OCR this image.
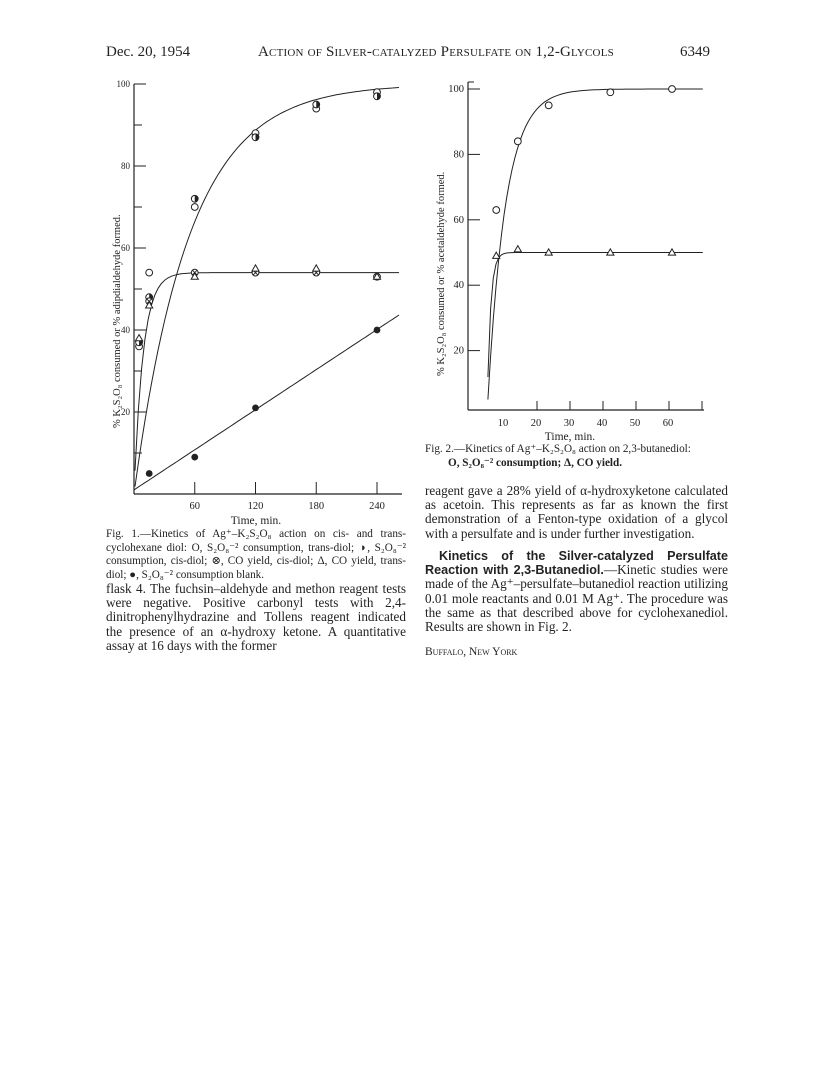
Dec. 20, 1954	Action of Silver-catalyzed Persulfate on 1,2-Glycols	6349
% K₂S₂O₈ consumed or % adipdialdehyde formed.
20
40
60
80
100
60	120	180	240
Time, min.
Fig. 1.—Kinetics of Ag⁺–K₂S₂O₈ action on cis- and trans-cyclohexane diol: O, S₂O₈⁻² consumption, trans-diol; ◑, S₂O₈⁻² consumption, cis-diol; ⊗, CO yield, cis-diol; Δ, CO yield, trans-diol; ●, S₂O₈⁻² consumption blank.
% K₂S₂O₈ consumed or % acetaldehyde formed. 20
40
60
80
100
10 20 30 40 50 60
Time, min.
Fig. 2.—Kinetics of Ag⁺–K₂S₂O₈ action on 2,3-butanediol:
O, S₂O₈⁻² consumption; Δ, CO yield.
flask 4. The fuchsin–aldehyde and methon reagent tests were negative. Positive carbonyl tests with 2,4-dinitrophenylhydrazine and Tollens reagent indicated the presence of an α-hydroxy ketone. A quantitative assay at 16 days with the former
reagent gave a 28% yield of α-hydroxyketone calculated as acetoin. This represents as far as known the first demonstration of a Fenton-type oxidation of a glycol with a persulfate and is under further investigation.
Kinetics of the Silver-catalyzed Persulfate Reaction with 2,3-Butanediol.—Kinetic studies were made of the Ag⁺–persulfate–butanediol reaction utilizing 0.01 mole reactants and 0.01 M Ag⁺. The procedure was the same as that described above for cyclohexanediol. Results are shown in Fig. 2.
Buffalo, New York
